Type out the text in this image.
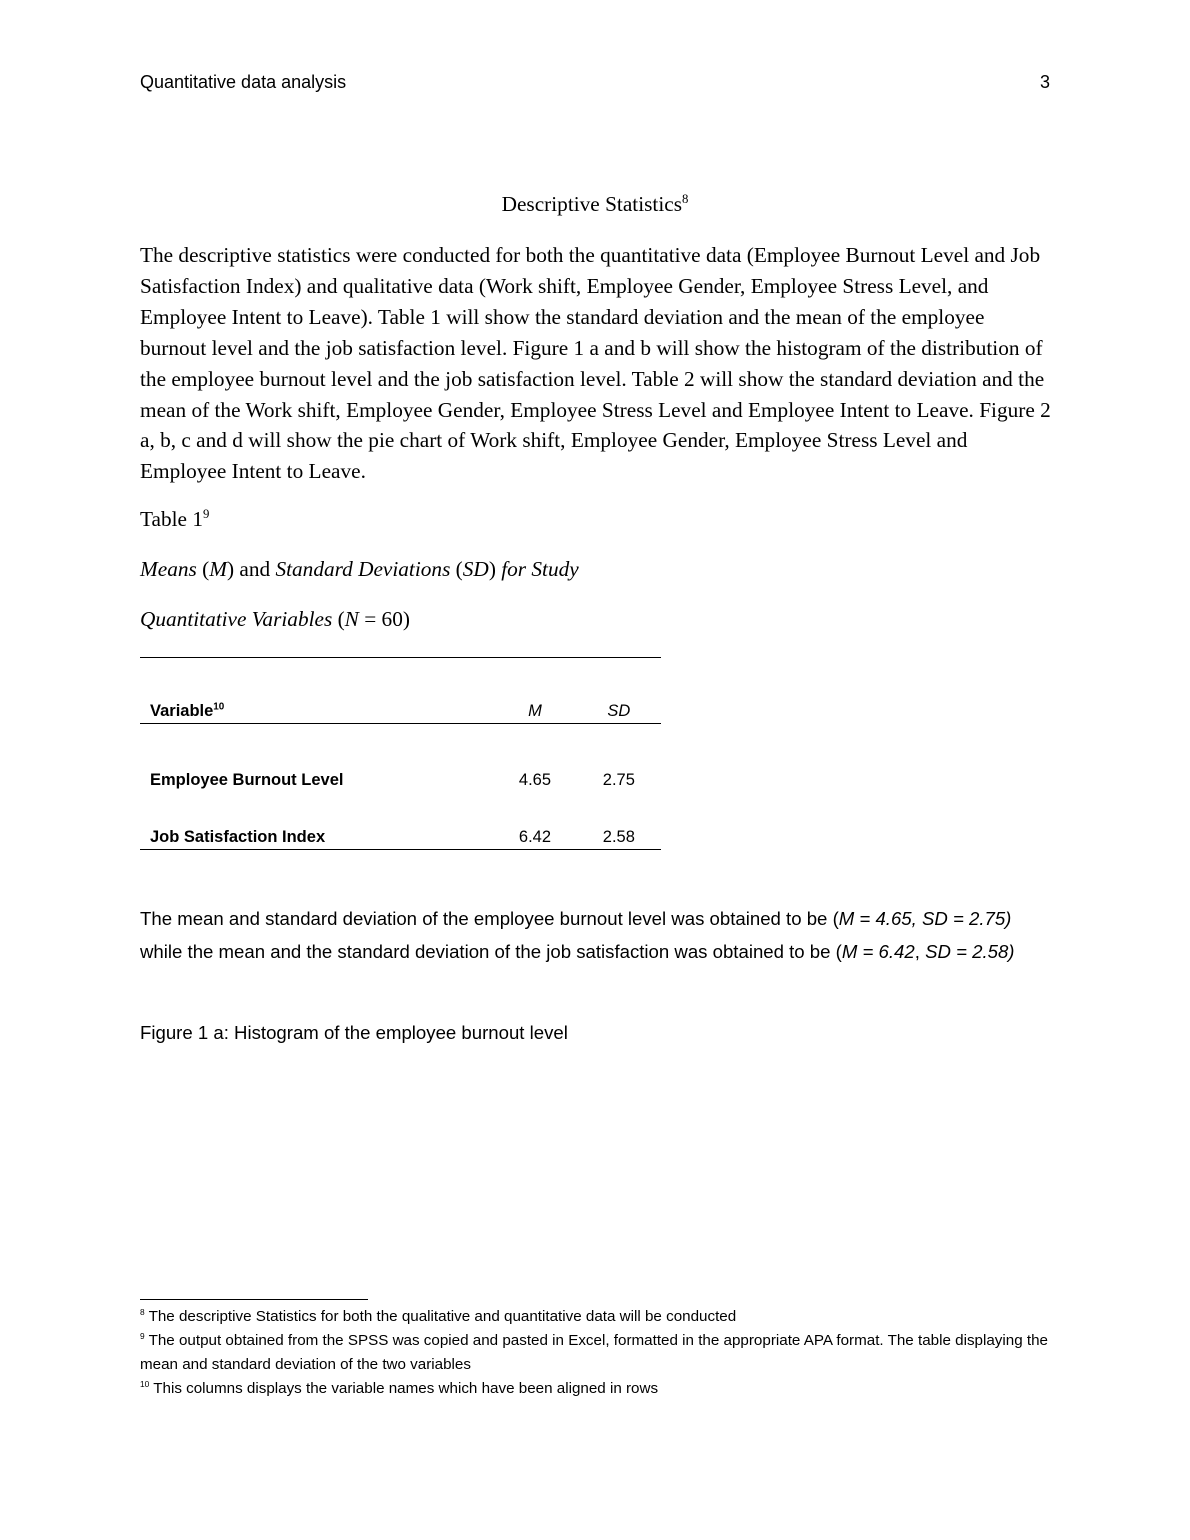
Quantitative data analysis	3
Descriptive Statistics$^8$
The descriptive statistics were conducted for both the quantitative data (Employee Burnout Level and Job Satisfaction Index) and qualitative data (Work shift, Employee Gender, Employee Stress Level, and Employee Intent to Leave). Table 1 will show the standard deviation and the mean of the employee burnout level and the job satisfaction level. Figure 1 a and b will show the histogram of the distribution of the employee burnout level and the job satisfaction level. Table 2 will show the standard deviation and the mean of the Work shift, Employee Gender, Employee Stress Level and Employee Intent to Leave. Figure 2 a, b, c and d will show the pie chart of Work shift, Employee Gender, Employee Stress Level and Employee Intent to Leave.
Table $1^9$
Means (M) and Standard Deviations (SD) for Study
Quantitative Variables (N = 60)
Variable$^{10}$	M	SD
Employee Burnout Level	4.65	2.75
Job Satisfaction Index	6.42	2.58
The mean and standard deviation of the employee burnout level was obtained to be (M = 4.65, SD = 2.75) while the mean and the standard deviation of the job satisfaction was obtained to be (M = 6.42, SD = 2.58)
Figure 1 a: Histogram of the employee burnout level
$^8$ The descriptive Statistics for both the qualitative and quantitative data will be conducted
$^9$ The output obtained from the SPSS was copied and pasted in Excel, formatted in the appropriate APA format. The table displaying the mean and standard deviation of the two variables
$^{10}$ This columns displays the variable names which have been aligned in rows
